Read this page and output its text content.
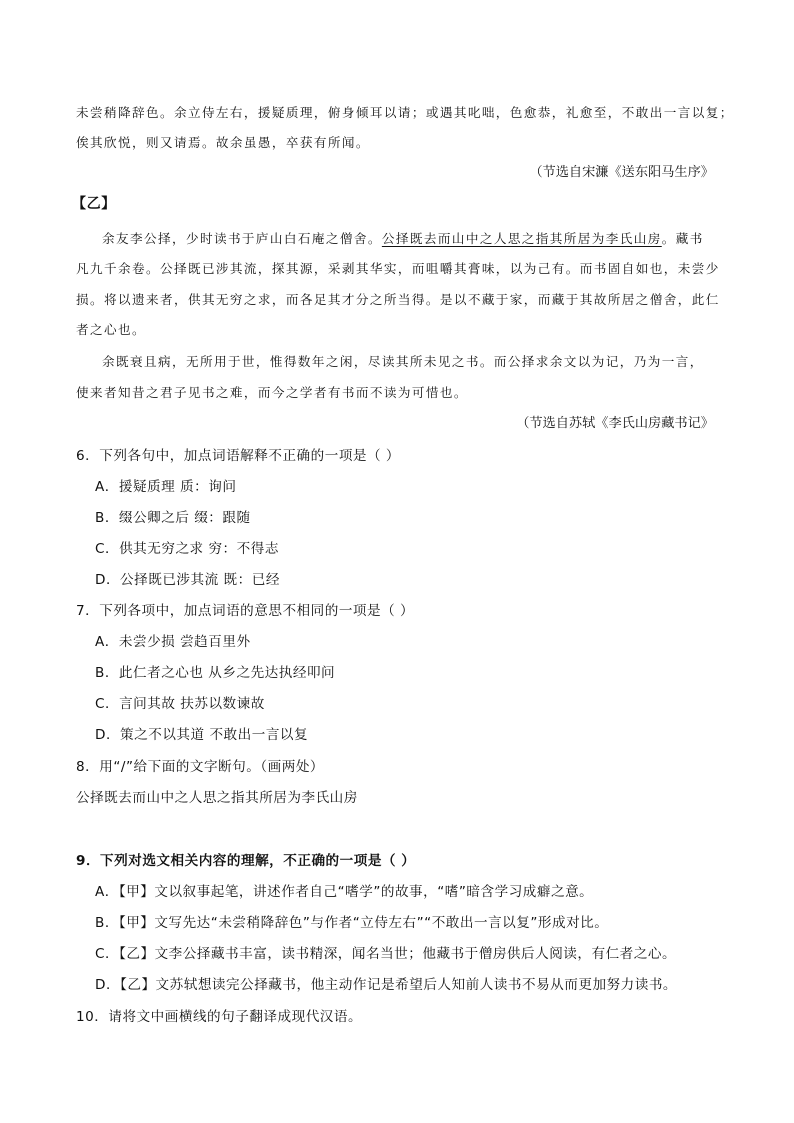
未尝稍降辞色。余立侍左右，援疑质理，俯身倾耳以请；或遇其叱咄，色愈恭，礼愈至，不敢出一言以复；
俟其欣悦，则又请焉。故余虽愚，卒获有所闻。
（节选自宋濂《送东阳马生序》
【乙】
余友李公择，少时读书于庐山白石庵之僧舍。公择既去而山中之人思之指其所居为李氏山房。藏书
凡九千余卷。公择既已涉其流，探其源，采剥其华实，而咀嚼其膏味，以为己有。而书固自如也，未尝少
损。将以遗来者，供其无穷之求，而各足其才分之所当得。是以不藏于家，而藏于其故所居之僧舍，此仁
者之心也。
余既衰且病，无所用于世，惟得数年之闲，尽读其所未见之书。而公择求余文以为记，乃为一言，
使来者知昔之君子见书之难，而今之学者有书而不读为可惜也。
（节选自苏轼《李氏山房藏书记》
6．下列各句中，加点词语解释不正确的一项是（ ）
A．援疑质理 质：询问
B．缀公卿之后 缀：跟随
C．供其无穷之求 穷：不得志
D．公择既已涉其流 既：已经
7．下列各项中，加点词语的意思不相同的一项是（ ）
A．未尝少损 尝趋百里外
B．此仁者之心也 从乡之先达执经叩问
C．言问其故 扶苏以数谏故
D．策之不以其道 不敢出一言以复
8．用“/”给下面的文字断句。（画两处）
公择既去而山中之人思之指其所居为李氏山房
9．下列对选文相关内容的理解，不正确的一项是（ ）
A．【甲】文以叙事起笔，讲述作者自己“嗜学”的故事，“嗜”暗含学习成癖之意。
B．【甲】文写先达“未尝稍降辞色”与作者“立侍左右”“不敢出一言以复”形成对比。
C．【乙】文李公择藏书丰富，读书精深，闻名当世；他藏书于僧房供后人阅读，有仁者之心。
D．【乙】文苏轼想读完公择藏书，他主动作记是希望后人知前人读书不易从而更加努力读书。
10．请将文中画横线的句子翻译成现代汉语。
